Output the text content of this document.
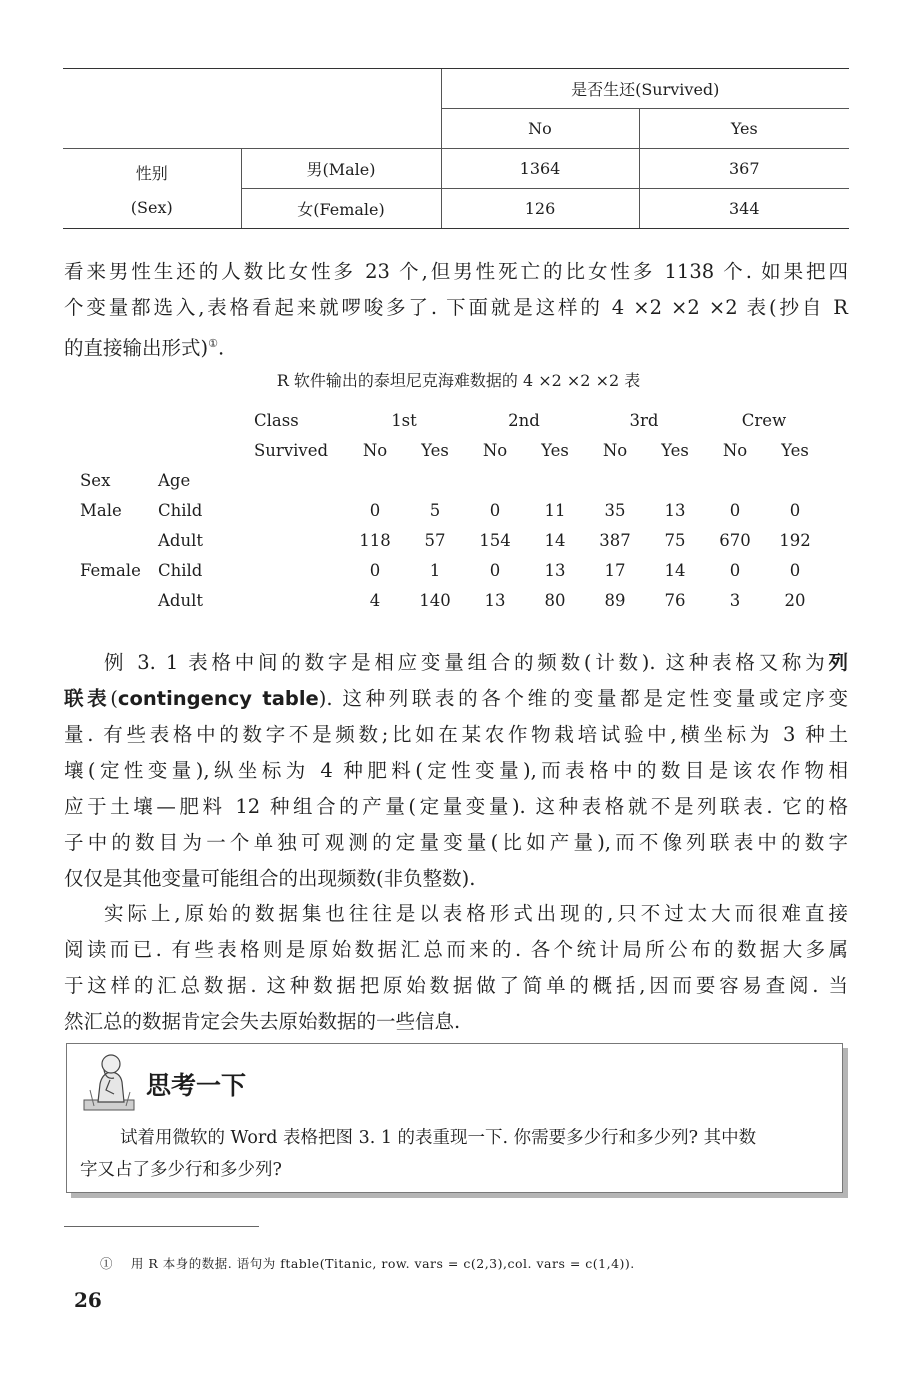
		是否生还(Survived)	
		No	Yes

性别
(Sex)	男(Male)	1364	367
	女(Female)	126	344
看来男性生还的人数比女性多 23 个,但男性死亡的比女性多 1138 个. 如果把四
个变量都选入,表格看起来就啰唆多了. 下面就是这样的 4 ×2 ×2 ×2 表(抄自 R
的直接输出形式)①.
R 软件输出的泰坦尼克海难数据的 4 ×2 ×2 ×2 表
		Class	1st		2nd		3rd		Crew	
		Survived	No	Yes	No	Yes	No	Yes	No	Yes
Sex	Age									
Male	Child		0	5	0	11	35	13	0	0
	Adult		118	57	154	14	387	75	670	192
Female	Child		0	1	0	13	17	14	0	0
	Adult		4	140	13	80	89	76	3	20
例 3. 1 表格中间的数字是相应变量组合的频数(计数). 这种表格又称为列
联表(contingency table). 这种列联表的各个维的变量都是定性变量或定序变
量. 有些表格中的数字不是频数;比如在某农作物栽培试验中,横坐标为 3 种土
壤(定性变量),纵坐标为 4 种肥料(定性变量),而表格中的数目是该农作物相
应于土壤—肥料 12 种组合的产量(定量变量). 这种表格就不是列联表. 它的格
子中的数目为一个单独可观测的定量变量(比如产量),而不像列联表中的数字
仅仅是其他变量可能组合的出现频数(非负整数).
实际上,原始的数据集也往往是以表格形式出现的,只不过太大而很难直接
阅读而已. 有些表格则是原始数据汇总而来的. 各个统计局所公布的数据大多属
于这样的汇总数据. 这种数据把原始数据做了简单的概括,因而要容易查阅. 当
然汇总的数据肯定会失去原始数据的一些信息.
思考一下
试着用微软的 Word 表格把图 3. 1 的表重现一下. 你需要多少行和多少列? 其中数
字又占了多少行和多少列?
① 用 R 本身的数据. 语句为 ftable(Titanic, row. vars = c(2,3),col. vars = c(1,4)).
26
